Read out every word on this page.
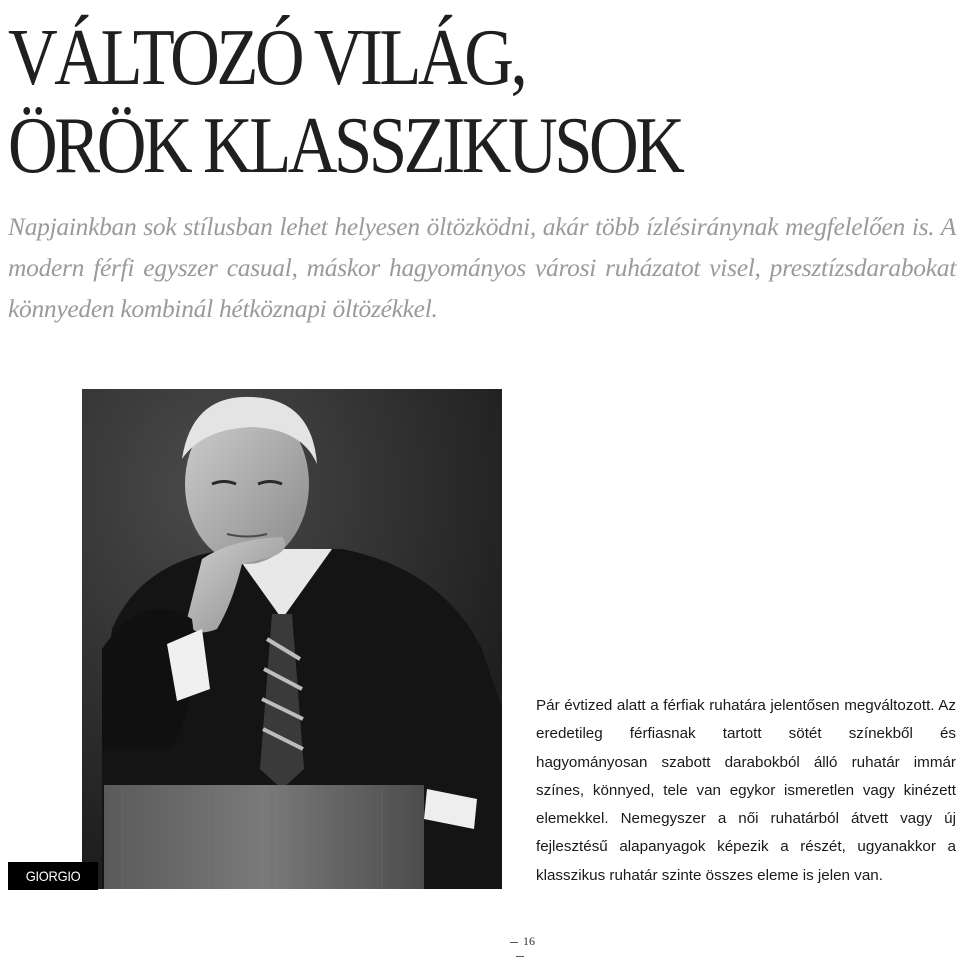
VÁLTOZÓ VILÁG,
ÖRÖK KLASSZIKUSOK

Napjainkban sok stílusban lehet helyesen öltözködni, akár több ízlésiránynak megfelelően is. A modern férfi egyszer casual, máskor hagyományos városi ruházatot visel, presztízsdarabokat könnyeden kombinál hétköznapi öltözékkel.

GIORGIO ARMANI

Pár évtized alatt a férfiak ruhatára jelentősen megváltozott. Az eredetileg férfiasnak tartott sötét színekből és hagyományosan szabott darabokból álló ruhatár immár színes, könnyed, tele van egykor ismeretlen vagy kinézett elemekkel. Nemegyszer a női ruhatárból átvett vagy új fejlesztésű alapanyagok képezik a részét, ugyanakkor a klasszikus ruhatár szinte összes eleme is jelen van.

16
